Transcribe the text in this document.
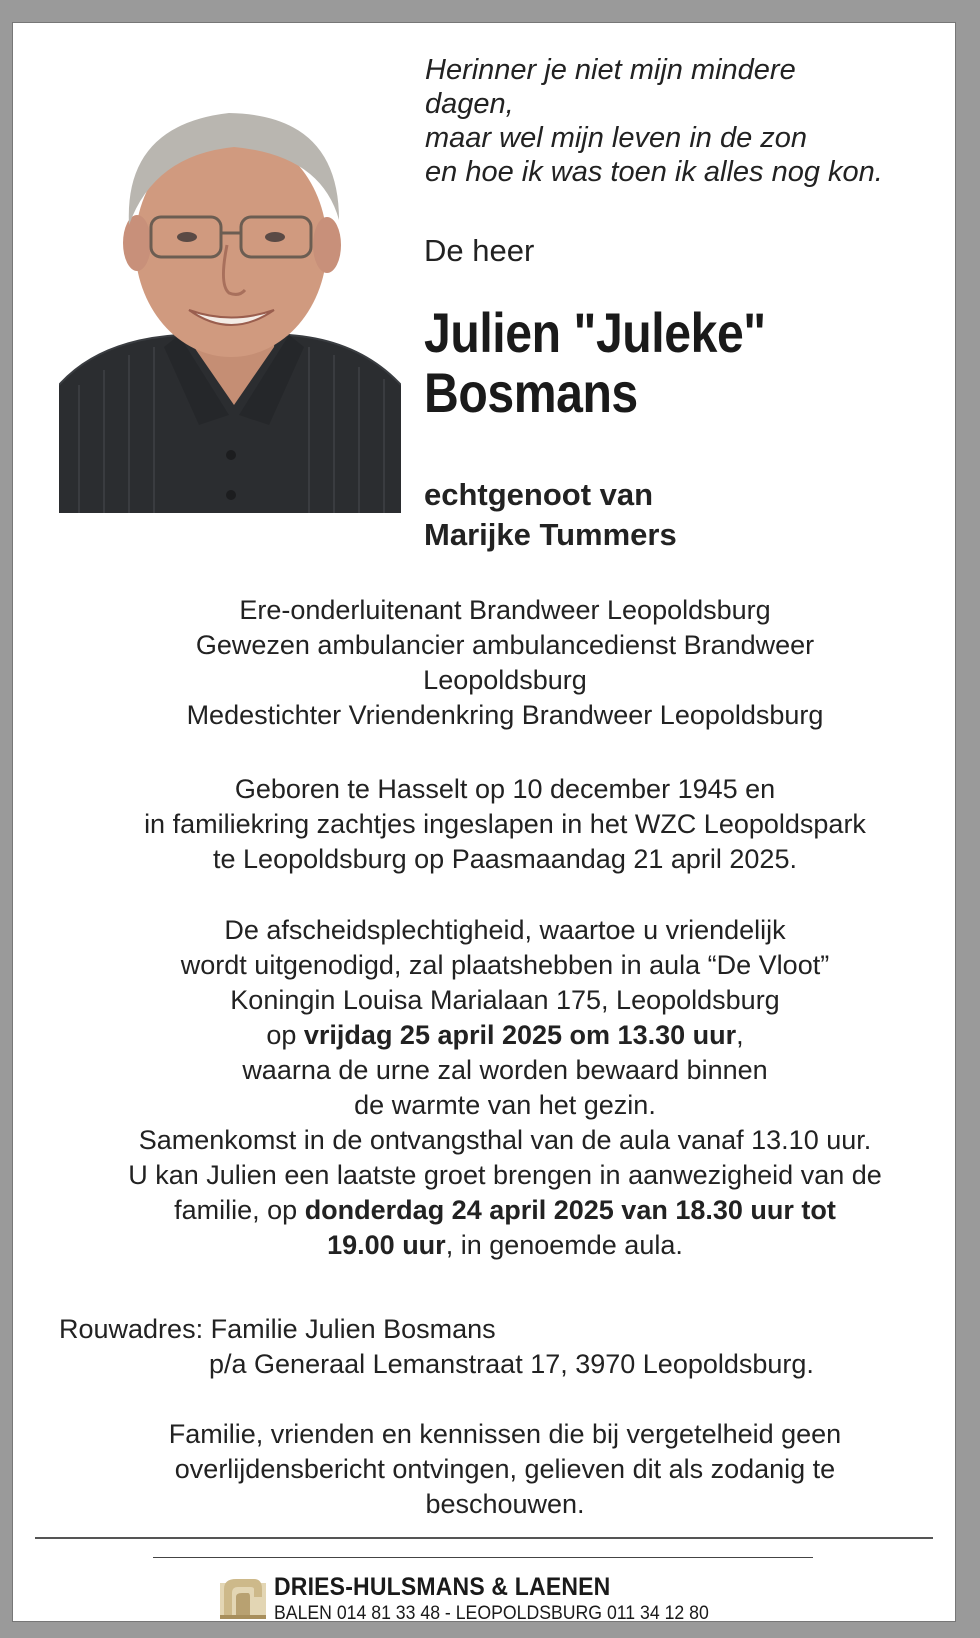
Herinner je niet mijn mindere
dagen,
maar wel mijn leven in de zon
en hoe ik was toen ik alles nog kon.
De heer
Julien "Juleke"
Bosmans
echtgenoot van
Marijke Tummers
Ere-onderluitenant Brandweer Leopoldsburg
Gewezen ambulancier ambulancedienst Brandweer
Leopoldsburg
Medestichter Vriendenkring Brandweer Leopoldsburg
Geboren te Hasselt op 10 december 1945 en
in familiekring zachtjes ingeslapen in het WZC Leopoldspark
te Leopoldsburg op Paasmaandag 21 april 2025.
De afscheidsplechtigheid, waartoe u vriendelijk
wordt uitgenodigd, zal plaatshebben in aula “De Vloot”
Koningin Louisa Marialaan 175, Leopoldsburg
op vrijdag 25 april 2025 om 13.30 uur,
waarna de urne zal worden bewaard binnen
de warmte van het gezin.
Samenkomst in de ontvangsthal van de aula vanaf 13.10 uur.
U kan Julien een laatste groet brengen in aanwezigheid van de
familie, op donderdag 24 april 2025 van 18.30 uur tot
19.00 uur, in genoemde aula.
Rouwadres: Familie Julien Bosmans
p/a Generaal Lemanstraat 17, 3970 Leopoldsburg.
Familie, vrienden en kennissen die bij vergetelheid geen
overlijdensbericht ontvingen, gelieven dit als zodanig te
beschouwen.
DRIES-HULSMANS & LAENEN
BALEN 014 81 33 48 - LEOPOLDSBURG 011 34 12 80
